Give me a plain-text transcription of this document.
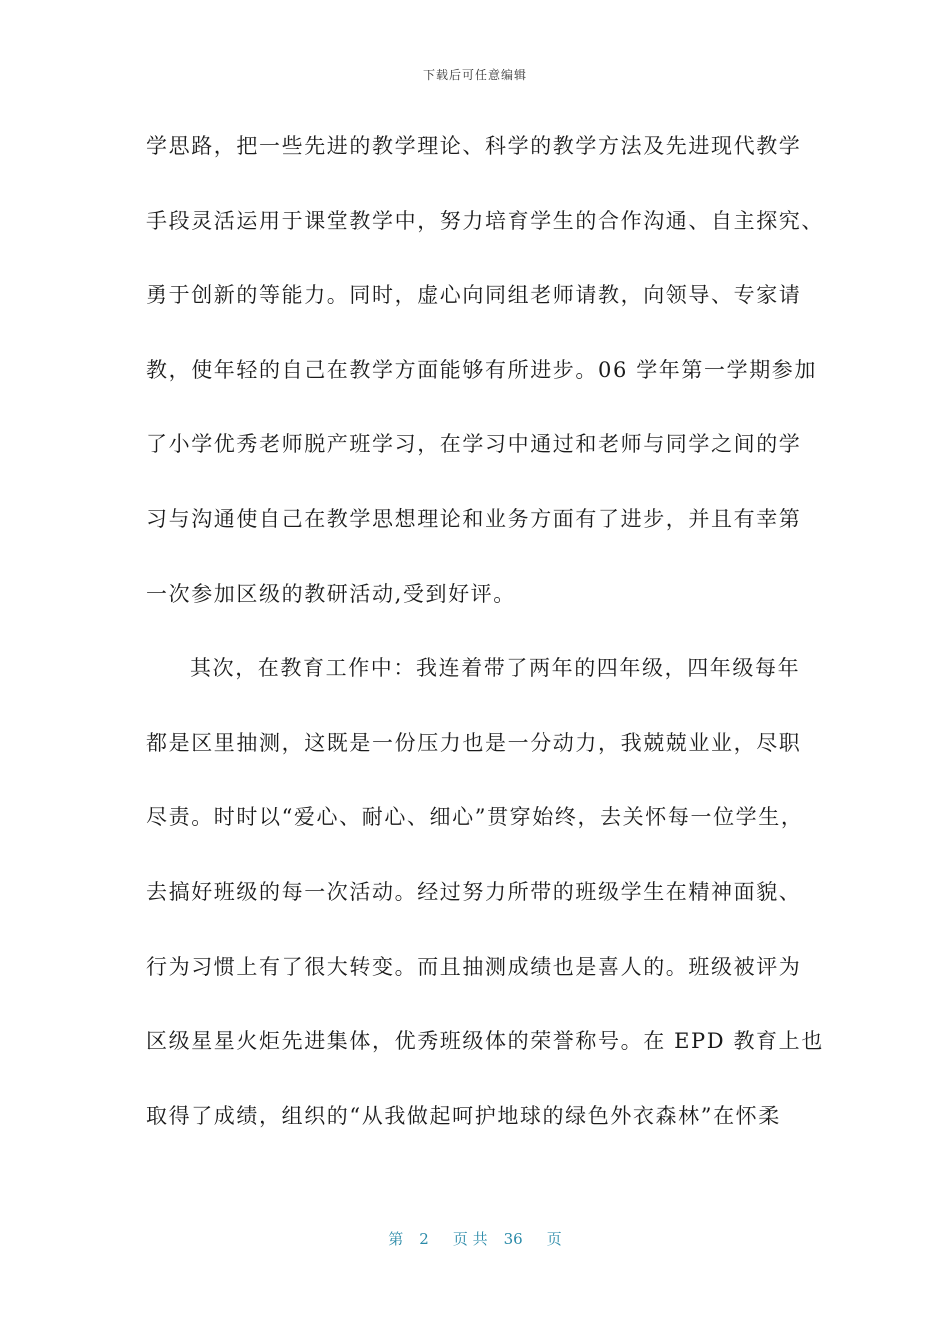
下载后可任意编辑
学思路，把一些先进的教学理论、科学的教学方法及先进现代教学
手段灵活运用于课堂教学中，努力培育学生的合作沟通、自主探究、
勇于创新的等能力。同时，虚心向同组老师请教，向领导、专家请
教，使年轻的自己在教学方面能够有所进步。06 学年第一学期参加
了小学优秀老师脱产班学习，在学习中通过和老师与同学之间的学
习与沟通使自己在教学思想理论和业务方面有了进步，并且有幸第
一次参加区级的教研活动,受到好评。
其次，在教育工作中：我连着带了两年的四年级，四年级每年
都是区里抽测，这既是一份压力也是一分动力，我兢兢业业，尽职
尽责。时时以“爱心、耐心、细心”贯穿始终，去关怀每一位学生，
去搞好班级的每一次活动。经过努力所带的班级学生在精神面貌、
行为习惯上有了很大转变。而且抽测成绩也是喜人的。班级被评为
区级星星火炬先进集体，优秀班级体的荣誉称号。在 EPD 教育上也
取得了成绩，组织的“从我做起呵护地球的绿色外衣森林”在怀柔
第 2 页 共 36 页
